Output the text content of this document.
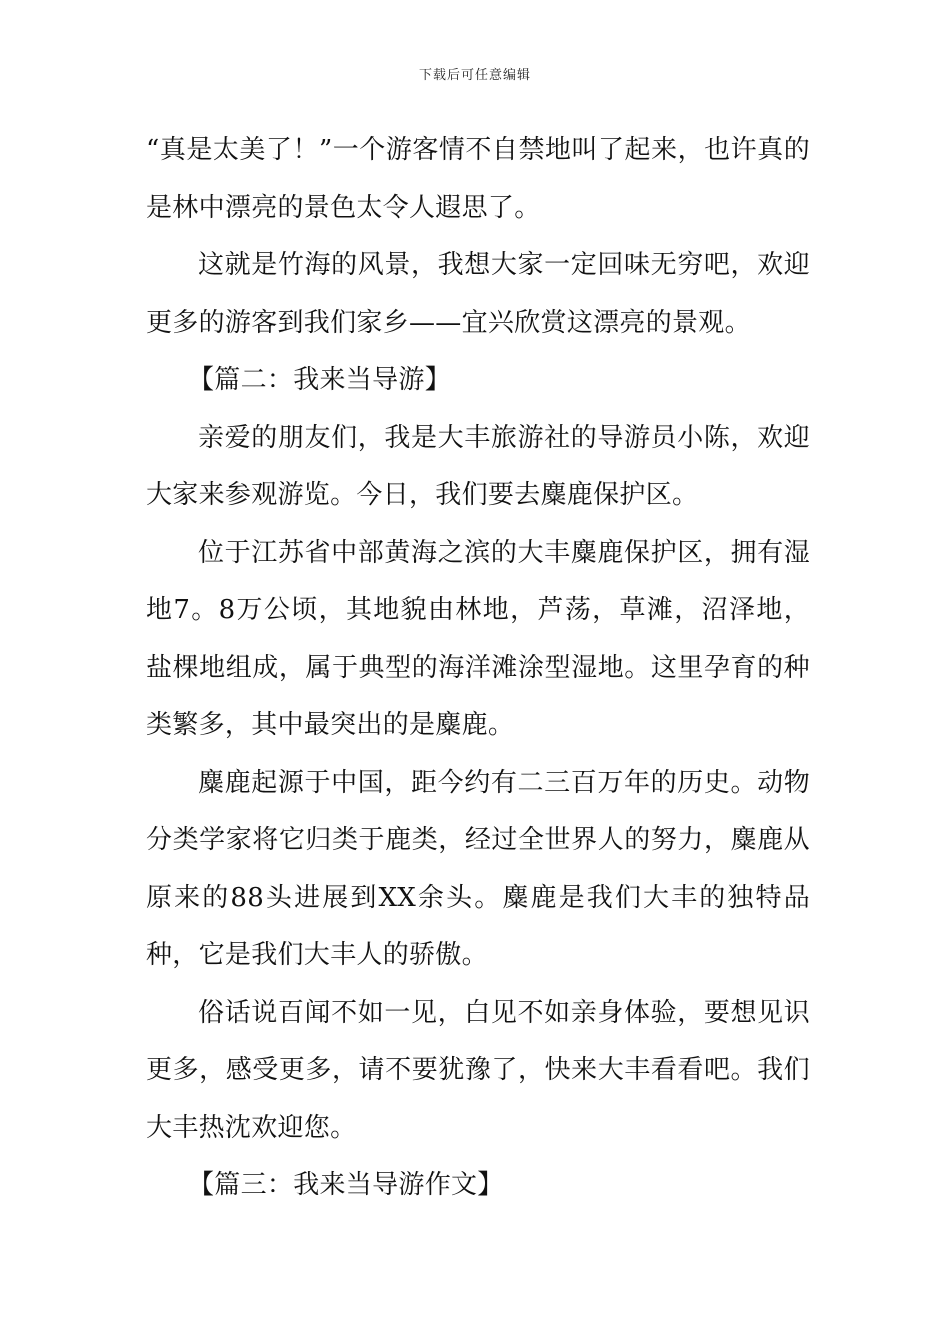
下载后可任意编辑

“真是太美了！”一个游客情不自禁地叫了起来，也许真的是林中漂亮的景色太令人遐思了。

这就是竹海的风景，我想大家一定回味无穷吧，欢迎更多的游客到我们家乡——宜兴欣赏这漂亮的景观。

【篇二：我来当导游】

亲爱的朋友们，我是大丰旅游社的导游员小陈，欢迎大家来参观游览。今日，我们要去麋鹿保护区。

位于江苏省中部黄海之滨的大丰麋鹿保护区，拥有湿地7。8万公顷，其地貌由林地，芦荡，草滩，沼泽地，盐棵地组成，属于典型的海洋滩涂型湿地。这里孕育的种类繁多，其中最突出的是麋鹿。

麋鹿起源于中国，距今约有二三百万年的历史。动物分类学家将它归类于鹿类，经过全世界人的努力，麋鹿从原来的88头进展到XX余头。麋鹿是我们大丰的独特品种，它是我们大丰人的骄傲。

俗话说百闻不如一见，白见不如亲身体验，要想见识更多，感受更多，请不要犹豫了，快来大丰看看吧。我们大丰热沈欢迎您。

【篇三：我来当导游作文】
